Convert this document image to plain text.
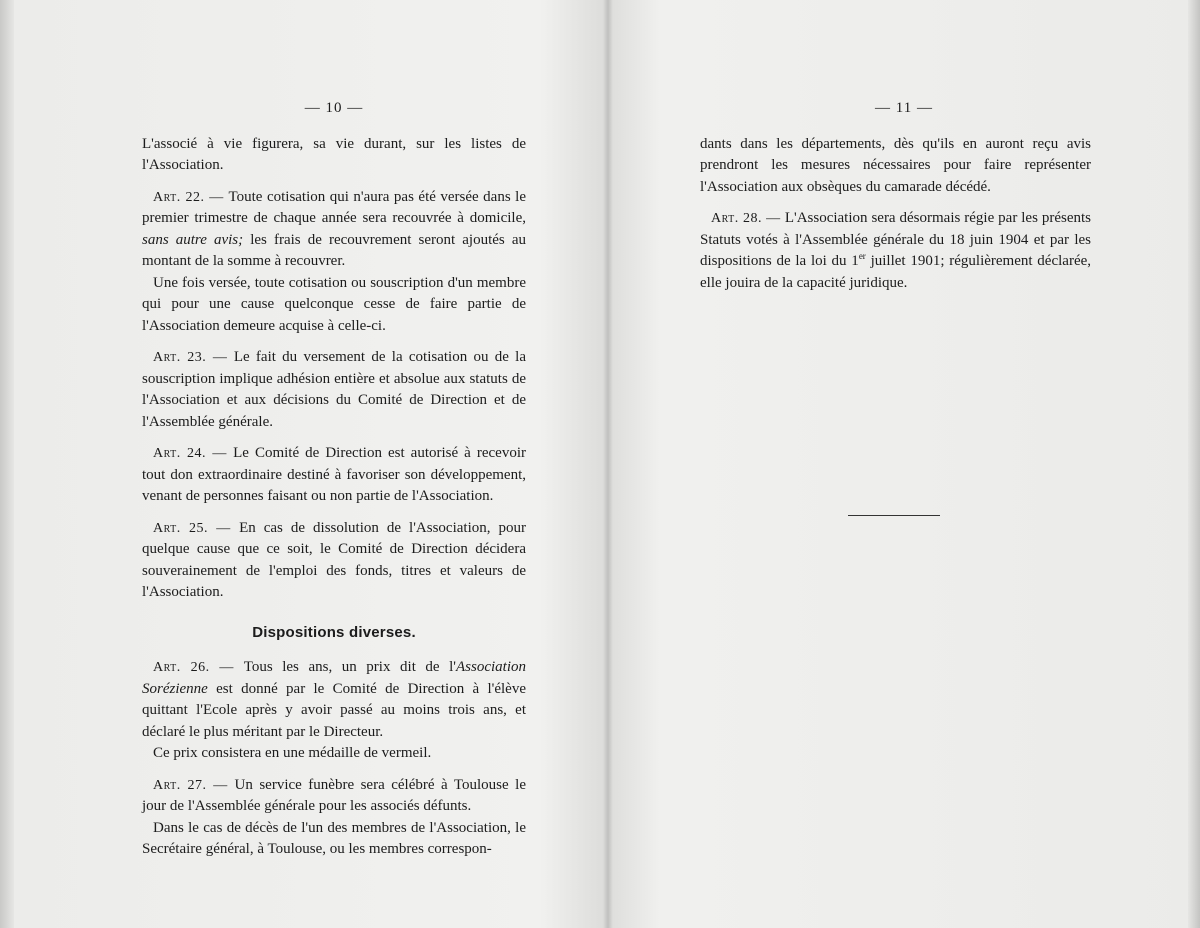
— 10 —

L'associé à vie figurera, sa vie durant, sur les listes de l'Association.

Art. 22. — Toute cotisation qui n'aura pas été versée dans le premier trimestre de chaque année sera recouvrée à domicile, sans autre avis; les frais de recouvrement seront ajoutés au montant de la somme à recouvrer.

Une fois versée, toute cotisation ou souscription d'un membre qui pour une cause quelconque cesse de faire partie de l'Association demeure acquise à celle-ci.

Art. 23. — Le fait du versement de la cotisation ou de la souscription implique adhésion entière et absolue aux statuts de l'Association et aux décisions du Comité de Direction et de l'Assemblée générale.

Art. 24. — Le Comité de Direction est autorisé à recevoir tout don extraordinaire destiné à favoriser son développement, venant de personnes faisant ou non partie de l'Association.

Art. 25. — En cas de dissolution de l'Association, pour quelque cause que ce soit, le Comité de Direction décidera souverainement de l'emploi des fonds, titres et valeurs de l'Association.

Dispositions diverses.

Art. 26. — Tous les ans, un prix dit de l'Association Sorézienne est donné par le Comité de Direction à l'élève quittant l'Ecole après y avoir passé au moins trois ans, et déclaré le plus méritant par le Directeur.

Ce prix consistera en une médaille de vermeil.

Art. 27. — Un service funèbre sera célébré à Toulouse le jour de l'Assemblée générale pour les associés défunts.

Dans le cas de décès de l'un des membres de l'Association, le Secrétaire général, à Toulouse, ou les membres correspon-

— 11 —

dants dans les départements, dès qu'ils en auront reçu avis prendront les mesures nécessaires pour faire représenter l'Association aux obsèques du camarade décédé.

Art. 28. — L'Association sera désormais régie par les présents Statuts votés à l'Assemblée générale du 18 juin 1904 et par les dispositions de la loi du 1er juillet 1901; régulièrement déclarée, elle jouira de la capacité juridique.
